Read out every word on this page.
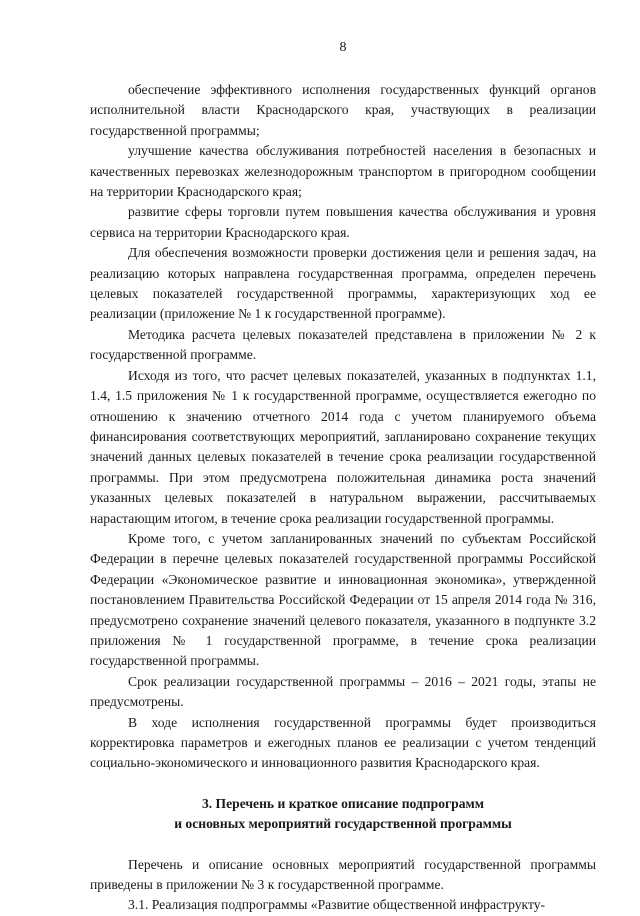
8

обеспечение эффективного исполнения государственных функций органов исполнительной власти Краснодарского края, участвующих в реализации государственной программы;

улучшение качества обслуживания потребностей населения в безопасных и качественных перевозках железнодорожным транспортом в пригородном сообщении на территории Краснодарского края;

развитие сферы торговли путем повышения качества обслуживания и уровня сервиса на территории Краснодарского края.

Для обеспечения возможности проверки достижения цели и решения задач, на реализацию которых направлена государственная программа, определен перечень целевых показателей государственной программы, характеризующих ход ее реализации (приложение № 1 к государственной программе).

Методика расчета целевых показателей представлена в приложении № 2 к государственной программе.

Исходя из того, что расчет целевых показателей, указанных в подпунктах 1.1, 1.4, 1.5 приложения № 1 к государственной программе, осуществляется ежегодно по отношению к значению отчетного 2014 года с учетом планируемого объема финансирования соответствующих мероприятий, запланировано сохранение текущих значений данных целевых показателей в течение срока реализации государственной программы. При этом предусмотрена положительная динамика роста значений указанных целевых показателей в натуральном выражении, рассчитываемых нарастающим итогом, в течение срока реализации государственной программы.

Кроме того, с учетом запланированных значений по субъектам Российской Федерации в перечне целевых показателей государственной программы Российской Федерации «Экономическое развитие и инновационная экономика», утвержденной постановлением Правительства Российской Федерации от 15 апреля 2014 года № 316, предусмотрено сохранение значений целевого показателя, указанного в подпункте 3.2 приложения № 1 государственной программе, в течение срока реализации государственной программы.

Срок реализации государственной программы – 2016 – 2021 годы, этапы не предусмотрены.

В ходе исполнения государственной программы будет производиться корректировка параметров и ежегодных планов ее реализации с учетом тенденций социально-экономического и инновационного развития Краснодарского края.

3. Перечень и краткое описание подпрограмм
и основных мероприятий государственной программы

Перечень и описание основных мероприятий государственной программы приведены в приложении № 3 к государственной программе.

3.1. Реализация подпрограммы «Развитие общественной инфраструкту-
